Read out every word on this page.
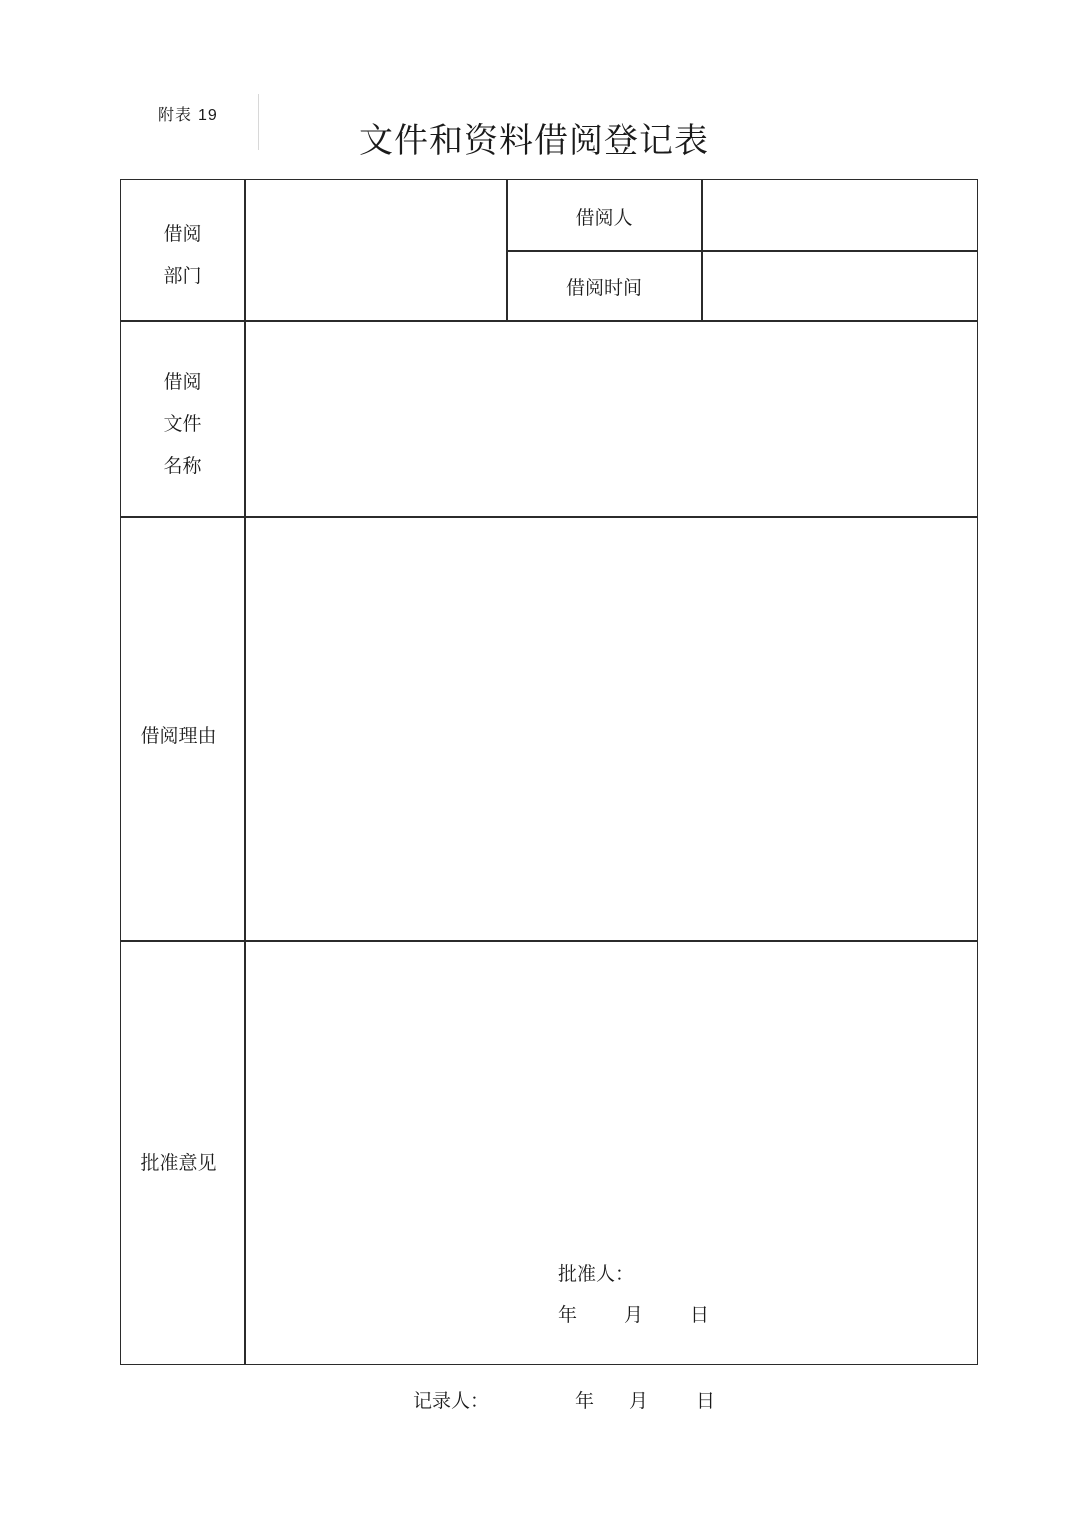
附表 19
文件和资料借阅登记表
借阅
部门
借阅人
借阅时间
借阅
文件
名称
借阅理由
批准意见
批准人：
年 月 日
记录人：	年 月	日
